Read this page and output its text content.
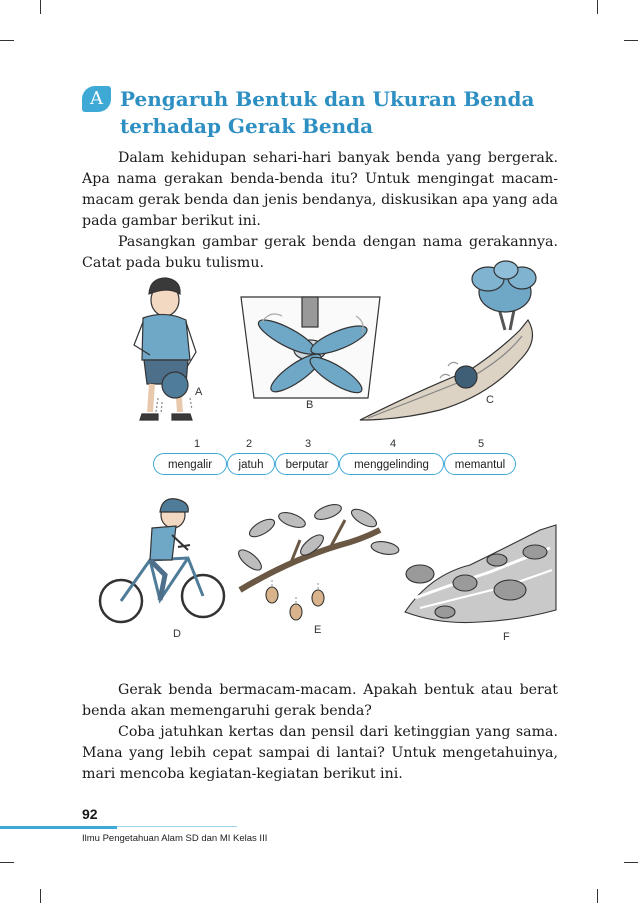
A Pengaruh Bentuk dan Ukuran Benda
terhadap Gerak Benda
Dalam kehidupan sehari-hari banyak benda yang bergerak. Apa nama gerakan benda-benda itu? Untuk mengingat macam-macam gerak benda dan jenis bendanya, diskusikan apa yang ada pada gambar berikut ini.
Pasangkan gambar gerak benda dengan nama gerakannya. Catat pada buku tulismu.
A
B	C
D	E
F
1	2	3	4	5
mengalir	jatuh	berputar	menggelinding	memantul
Gerak benda bermacam-macam. Apakah bentuk atau berat benda akan memengaruhi gerak benda?
Coba jatuhkan kertas dan pensil dari ketinggian yang sama. Mana yang lebih cepat sampai di lantai? Untuk mengetahuinya, mari mencoba kegiatan-kegiatan berikut ini.
92
Ilmu Pengetahuan Alam SD dan MI Kelas III
